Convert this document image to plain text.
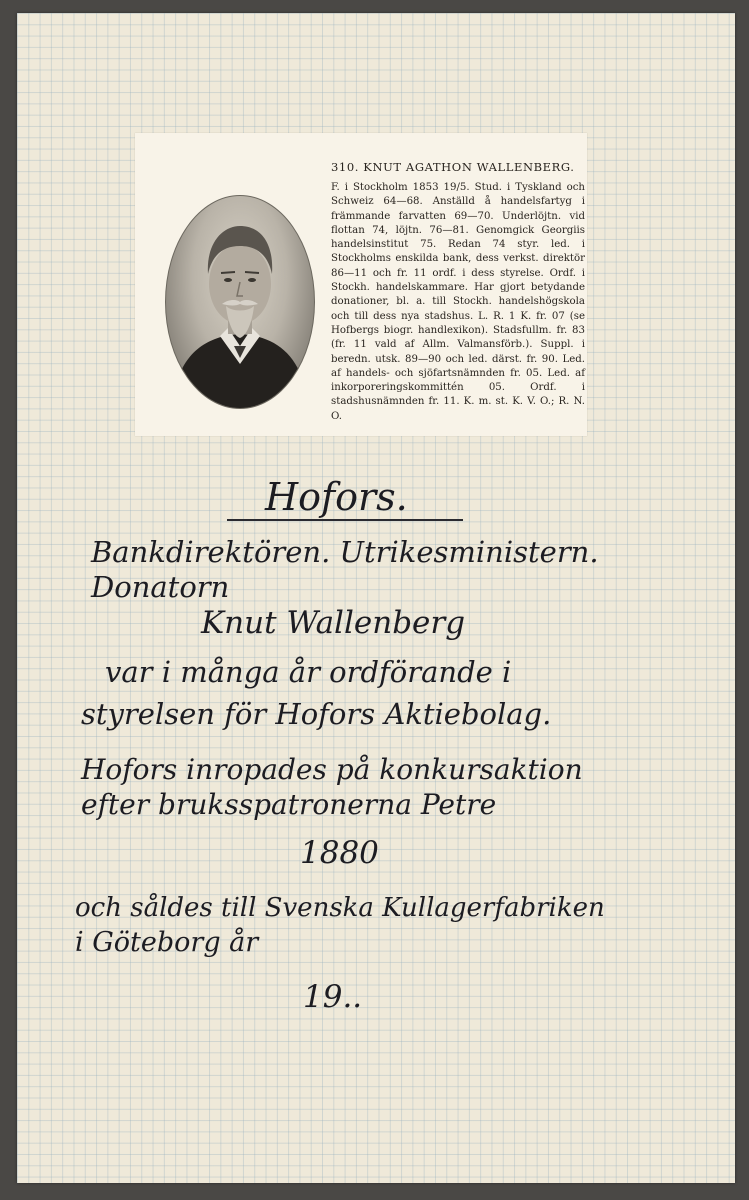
310. KNUT AGATHON WALLENBERG.
F. i Stockholm 1853 19/5. Stud. i Tyskland och Schweiz 64—68. Anställd å handelsfartyg i främmande farvatten 69—70. Underlöjtn. vid flottan 74, löjtn. 76—81. Genomgick Georgiis handelsinstitut 75. Redan 74 styr. led. i Stockholms enskilda bank, dess verkst. direktör 86—11 och fr. 11 ordf. i dess styrelse. Ordf. i Stockh. handelskammare. Har gjort betydande donationer, bl. a. till Stockh. handelshögskola och till dess nya stadshus. L. R. 1 K. fr. 07 (se Hofbergs biogr. handlexikon). Stadsfullm. fr. 83 (fr. 11 vald af Allm. Valmansförb.). Suppl. i beredn. utsk. 89—90 och led. därst. fr. 90. Led. af handels- och sjöfartsnämnden fr. 05. Led. af inkorporeringskommittén 05. Ordf. i stadshusnämnden fr. 11. K. m. st. K. V. O.; R. N. O.
Hofors.
Bankdirektören. Utrikesministern.
Donatorn
Knut Wallenberg
var i många år ordförande i
styrelsen för Hofors Aktiebolag.
Hofors inropades på konkursaktion
efter bruksspatronerna Petre
1880
och såldes till Svenska Kullagerfabriken
i Göteborg år
19..
